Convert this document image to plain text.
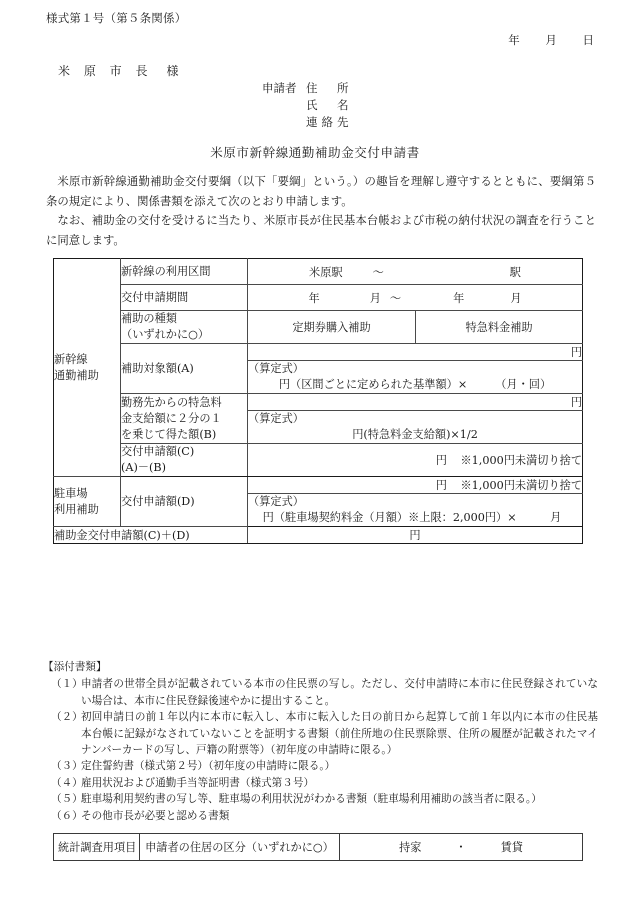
様式第１号（第５条関係）
年 月 日
米 原 市 長 様
申請者 住　所
氏　名
連絡先
米原市新幹線通勤補助金交付申請書

米原市新幹線通勤補助金交付要綱（以下「要綱」という。）の趣旨を理解し遵守するとともに、要綱第５条の規定により、関係書類を添えて次のとおり申請します。

なお、補助金の交付を受けるに当たり、米原市長が住民基本台帳および市税の納付状況の調査を行うことに同意します。

新幹線
通勤補助
	新幹線の利用区間	米原駅	～	駅

	交付申請期間	年 月 ～ 年 月	

	補助の種類
（いずれかに○）	定期券購入補助	特急料金補助
	補助対象額(A)	円	

		（算定式）
円（区間ごとに定められた基準額）×　　　（月・回）	

	勤務先からの特急料
金支給額に２分の１
を乗じて得た額(B)	円	

		（算定式）
円(特急料金支給額)×1/2	

	交付申請額(C)
(A)－(B)	円 ※1,000円未満切り捨て	

駐車場
利用補助	交付申請額(D)	円 ※1,000円未満切り捨て	

		（算定式）
円（駐車場契約料金（月額）※上限：2,000円）×　　　月	

補助金交付申請額(C)＋(D)		円	
【添付書類】
（１）
申請者の世帯全員が記載されている本市の住民票の写し。ただし、交付申請時に本市に住民登録されていない場合は、本市に住民登録後速やかに提出すること。
（２）
初回申請日の前１年以内に本市に転入し、本市に転入した日の前日から起算して前１年以内に本市の住民基本台帳に記録がなされていないことを証明する書類（前住所地の住民票除票、住所の履歴が記載されたマイナンバーカードの写し、戸籍の附票等）（初年度の申請時に限る。）
（３）
定住誓約書（様式第２号）（初年度の申請時に限る。）
（４）
雇用状況および通勤手当等証明書（様式第３号）
（５）
駐車場利用契約書の写し等、駐車場の利用状況がわかる書類（駐車場利用補助の該当者に限る。）
（６）
その他市長が必要と認める書類
統計調査用項目	申請者の住居の区分（いずれかに○）	持家	・	賃貸
